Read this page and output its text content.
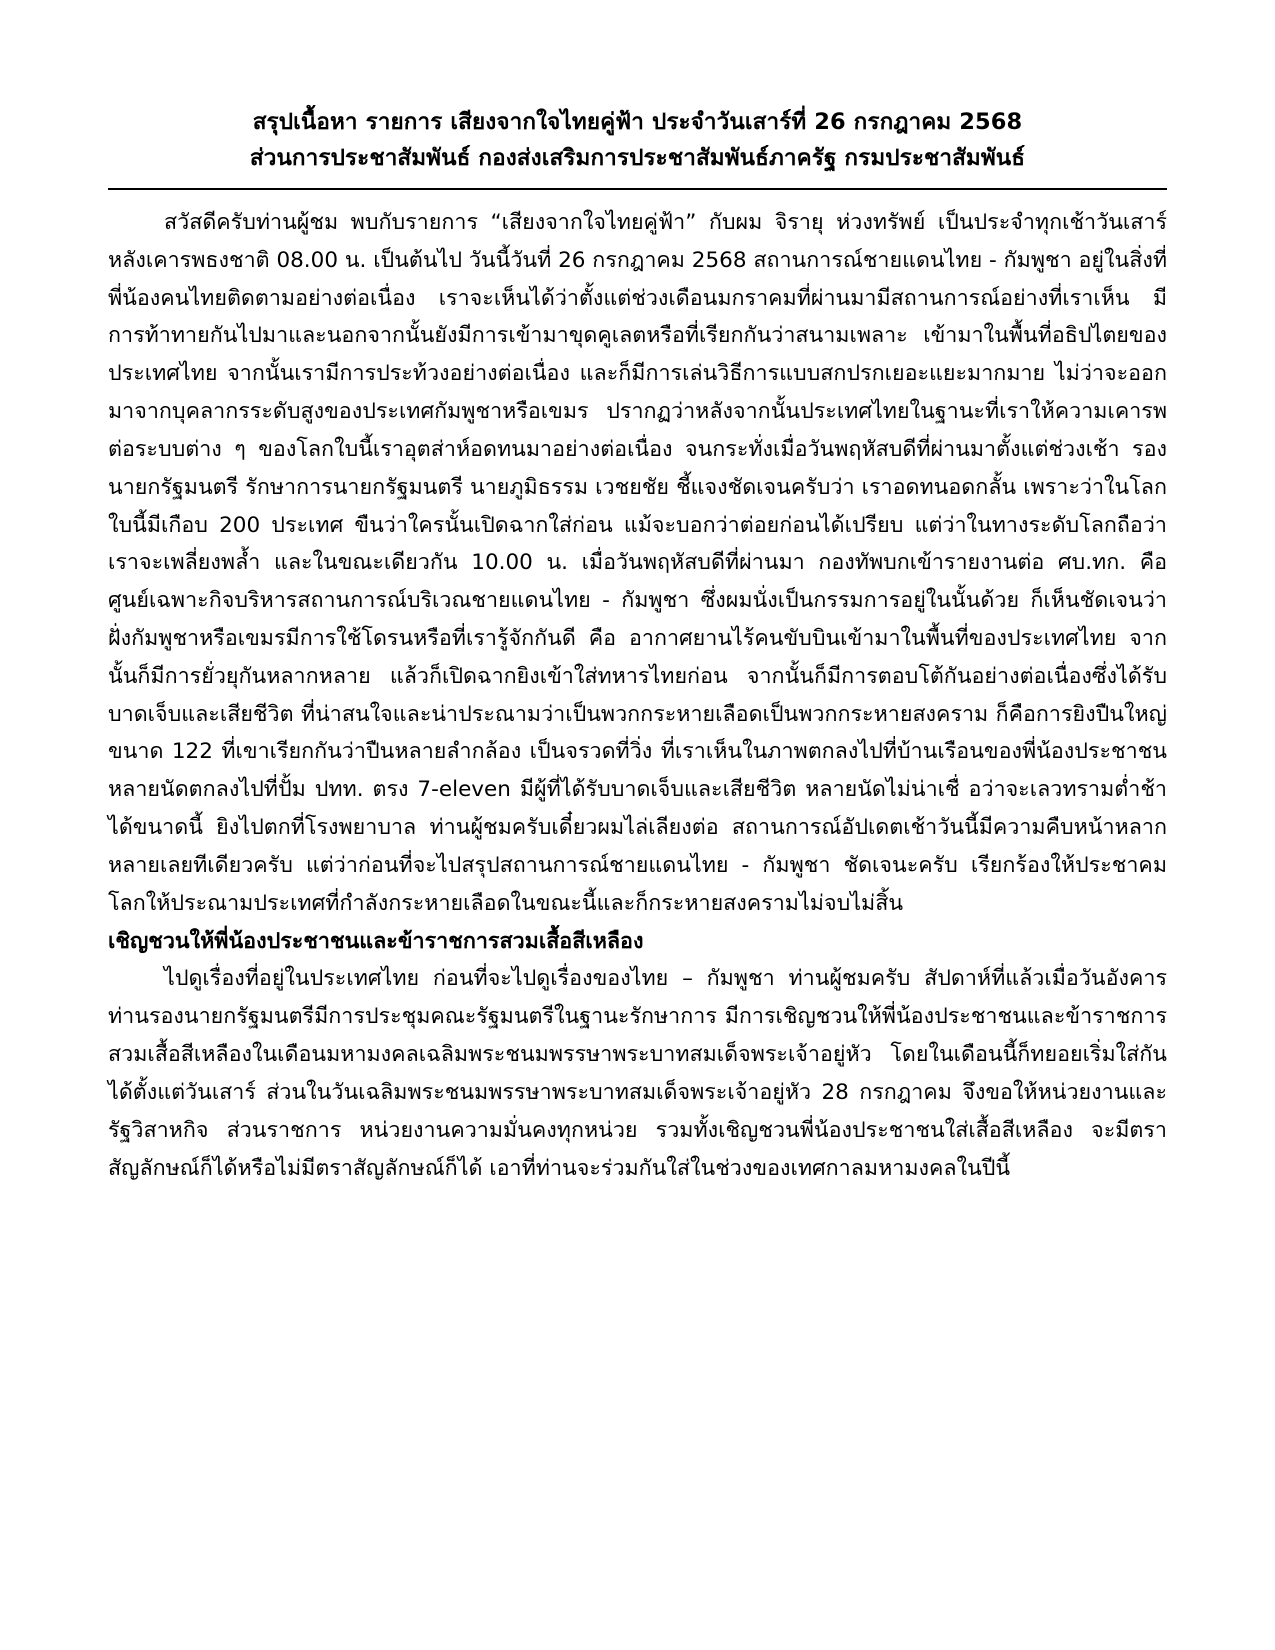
สรุปเนื้อหา รายการ เสียงจากใจไทยคู่ฟ้า ประจำวันเสาร์ที่ 26 กรกฎาคม 2568
ส่วนการประชาสัมพันธ์ กองส่งเสริมการประชาสัมพันธ์ภาครัฐ กรมประชาสัมพันธ์

สวัสดีครับท่านผู้ชม พบกับรายการ “เสียงจากใจไทยคู่ฟ้า” กับผม จิรายุ ห่วงทรัพย์ เป็นประจำทุกเช้าวันเสาร์ หลังเคารพธงชาติ 08.00 น. เป็นต้นไป วันนี้วันที่ 26 กรกฎาคม 2568 สถานการณ์ชายแดนไทย - กัมพูชา อยู่ในสิ่งที่พี่น้องคนไทยติดตามอย่างต่อเนื่อง เราจะเห็นได้ว่าตั้งแต่ช่วงเดือนมกราคมที่ผ่านมามีสถานการณ์อย่างที่เราเห็น มีการท้าทายกันไปมาและนอกจากนั้นยังมีการเข้ามาขุดคูเลตหรือที่เรียกกันว่าสนามเพลาะ เข้ามาในพื้นที่อธิปไตยของประเทศไทย จากนั้นเรามีการประท้วงอย่างต่อเนื่อง และก็มีการเล่นวิธีการแบบสกปรกเยอะแยะมากมาย ไม่ว่าจะออกมาจากบุคลากรระดับสูงของประเทศกัมพูชาหรือเขมร ปรากฏว่าหลังจากนั้นประเทศไทยในฐานะที่เราให้ความเคารพต่อระบบต่าง ๆ ของโลกใบนี้เราอุตส่าห์อดทนมาอย่างต่อเนื่อง จนกระทั่งเมื่อวันพฤหัสบดีที่ผ่านมาตั้งแต่ช่วงเช้า รองนายกรัฐมนตรี รักษาการนายกรัฐมนตรี นายภูมิธรรม เวชยชัย ชี้แจงชัดเจนครับว่า เราอดทนอดกลั้น เพราะว่าในโลกใบนี้มีเกือบ 200 ประเทศ ขืนว่าใครนั้นเปิดฉากใส่ก่อน แม้จะบอกว่าต่อยก่อนได้เปรียบ แต่ว่าในทางระดับโลกถือว่าเราจะเพลี่ยงพล้ำ และในขณะเดียวกัน 10.00 น. เมื่อวันพฤหัสบดีที่ผ่านมา กองทัพบกเข้ารายงานต่อ ศบ.ทก. คือ ศูนย์เฉพาะกิจบริหารสถานการณ์บริเวณชายแดนไทย - กัมพูชา ซึ่งผมนั่งเป็นกรรมการอยู่ในนั้นด้วย ก็เห็นชัดเจนว่าฝั่งกัมพูชาหรือเขมรมีการใช้โดรนหรือที่เรารู้จักกันดี คือ อากาศยานไร้คนขับบินเข้ามาในพื้นที่ของประเทศไทย จากนั้นก็มีการยั่วยุกันหลากหลาย แล้วก็เปิดฉากยิงเข้าใส่ทหารไทยก่อน จากนั้นก็มีการตอบโต้กันอย่างต่อเนื่องซึ่งได้รับบาดเจ็บและเสียชีวิต ที่น่าสนใจและน่าประณามว่าเป็นพวกกระหายเลือดเป็นพวกกระหายสงคราม ก็คือการยิงปืนใหญ่ขนาด 122 ที่เขาเรียกกันว่าปืนหลายลำกล้อง เป็นจรวดที่วิ่ง ที่เราเห็นในภาพตกลงไปที่บ้านเรือนของพี่น้องประชาชน หลายนัดตกลงไปที่ปั้ม ปทท. ตรง 7-eleven มีผู้ที่ได้รับบาดเจ็บและเสียชีวิต หลายนัดไม่น่าเชื่ อว่าจะเลวทรามต่ำช้าได้ขนาดนี้ ยิงไปตกที่โรงพยาบาล ท่านผู้ชมครับเดี๋ยวผมไล่เลียงต่อ สถานการณ์อัปเดตเช้าวันนี้มีความคืบหน้าหลากหลายเลยทีเดียวครับ แต่ว่าก่อนที่จะไปสรุปสถานการณ์ชายแดนไทย - กัมพูชา ชัดเจนะครับ เรียกร้องให้ประชาคมโลกให้ประณามประเทศที่กำลังกระหายเลือดในขณะนี้และก็กระหายสงครามไม่จบไม่สิ้น

เชิญชวนให้พี่น้องประชาชนและข้าราชการสวมเสื้อสีเหลือง

ไปดูเรื่องที่อยู่ในประเทศไทย ก่อนที่จะไปดูเรื่องของไทย – กัมพูชา ท่านผู้ชมครับ สัปดาห์ที่แล้วเมื่อวันอังคาร ท่านรองนายกรัฐมนตรีมีการประชุมคณะรัฐมนตรีในฐานะรักษาการ มีการเชิญชวนให้พี่น้องประชาชนและข้าราชการสวมเสื้อสีเหลืองในเดือนมหามงคลเฉลิมพระชนมพรรษาพระบาทสมเด็จพระเจ้าอยู่หัว โดยในเดือนนี้ก็ทยอยเริ่มใส่กันได้ตั้งแต่วันเสาร์ ส่วนในวันเฉลิมพระชนมพรรษาพระบาทสมเด็จพระเจ้าอยู่หัว 28 กรกฎาคม จึงขอให้หน่วยงานและรัฐวิสาหกิจ ส่วนราชการ หน่วยงานความมั่นคงทุกหน่วย รวมทั้งเชิญชวนพี่น้องประชาชนใส่เสื้อสีเหลือง จะมีตราสัญลักษณ์ก็ได้หรือไม่มีตราสัญลักษณ์ก็ได้ เอาที่ท่านจะร่วมกันใส่ในช่วงของเทศกาลมหามงคลในปีนี้
